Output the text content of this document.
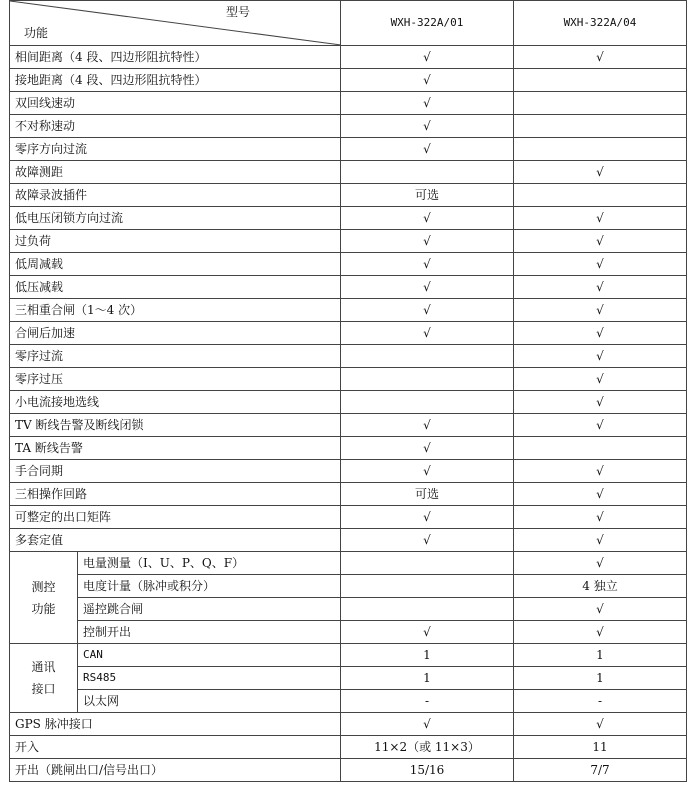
型号
功能		WXH-322A/01	WXH-322A/04
相间距离（4 段、四边形阻抗特性）		√	√
接地距离（4 段、四边形阻抗特性）		√	
双回线速动		√	
不对称速动		√	
零序方向过流		√	
故障测距			√
故障录波插件		可选	
低电压闭锁方向过流		√	√
过负荷		√	√
低周减载		√	√
低压减载		√	√
三相重合闸（1～4 次）		√	√
合闸后加速		√	√
零序过流			√
零序过压			√
小电流接地选线			√
TV 断线告警及断线闭锁		√	√
TA 断线告警		√	
手合同期		√	√
三相操作回路		可选	√
可整定的出口矩阵		√	√
多套定值		√	√

测控
功能	电量测量（I、U、P、Q、F）		√
	电度计量（脉冲或积分）		4 独立
	遥控跳合闸		√
	控制开出	√	√

通讯
接口	CAN	1	1
	RS485	1	1
	以太网	-	-
GPS 脉冲接口		√	√
开入		11×2（或 11×3）	11
开出（跳闸出口/信号出口）		15/16	7/7
